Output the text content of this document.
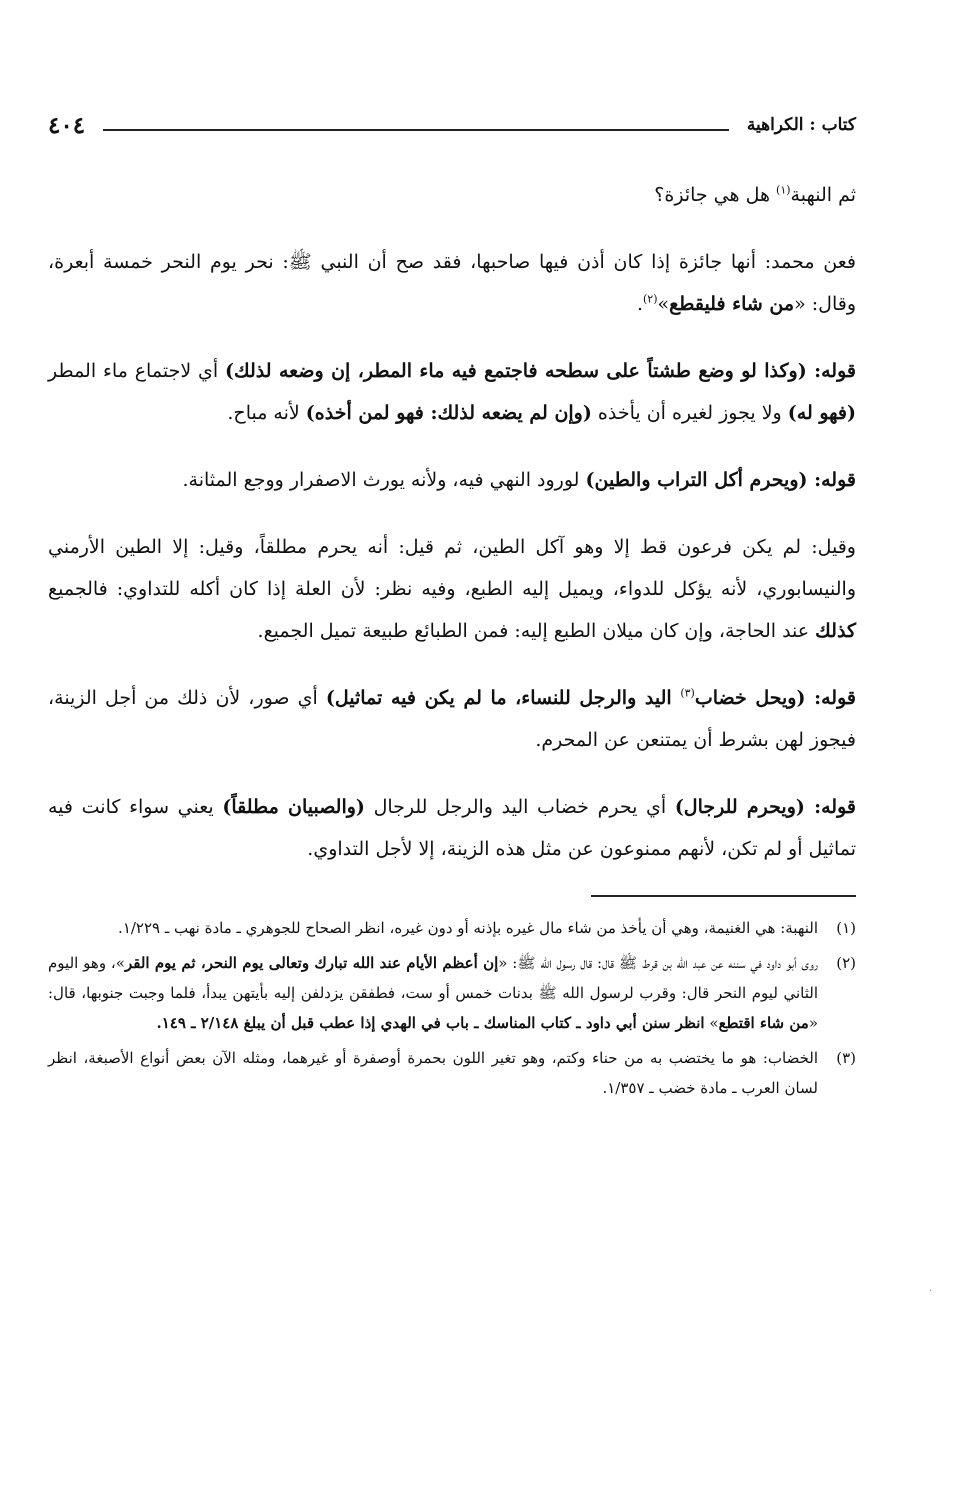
كتاب : الكراهية
٤٠٤

ثم النهبة$^{(١)}$ هل هي جائزة؟

فعن محمد: أنها جائزة إذا كان أذن فيها صاحبها، فقد صح أن النبي ﷺ: نحر يوم النحر خمسة أبعرة، وقال: «من شاء فليقطع»$^{(٢)}$.

قوله: (وكذا لو وضع طشتاً على سطحه فاجتمع فيه ماء المطر، إن وضعه لذلك) أي لاجتماع ماء المطر (فهو له) ولا يجوز لغيره أن يأخذه (وإن لم يضعه لذلك: فهو لمن أخذه) لأنه مباح.

قوله: (ويحرم أكل التراب والطين) لورود النهي فيه، ولأنه يورث الاصفرار ووجع المثانة.

وقيل: لم يكن فرعون قط إلا وهو آكل الطين، ثم قيل: أنه يحرم مطلقاً، وقيل: إلا الطين الأرمني والنيسابوري، لأنه يؤكل للدواء، ويميل إليه الطبع، وفيه نظر: لأن العلة إذا كان أكله للتداوي: فالجميع كذلك عند الحاجة، وإن كان ميلان الطبع إليه: فمن الطبائع طبيعة تميل الجميع.

قوله: (ويحل خضاب$^{(٣)}$ اليد والرجل للنساء، ما لم يكن فيه تماثيل) أي صور، لأن ذلك من أجل الزينة، فيجوز لهن بشرط أن يمتنعن عن المحرم.

قوله: (ويحرم للرجال) أي يحرم خضاب اليد والرجل للرجال (والصبيان مطلقاً) يعني سواء كانت فيه تماثيل أو لم تكن، لأنهم ممنوعون عن مثل هذه الزينة، إلا لأجل التداوي.

(١)
النهبة: هي الغنيمة، وهي أن يأخذ من شاء مال غيره بإذنه أو دون غيره، انظر الصحاح للجوهري ـ مادة نهب ـ ١/٢٢٩.
(٢)
روى أبو داود في سننه عن عبد الله بن قرط ﷺ قال: قال رسول الله ﷺ: «إن أعظم الأيام عند الله تبارك وتعالى يوم النحر، ثم يوم القر»، وهو اليوم الثاني ليوم النحر قال: وقرب لرسول الله ﷺ بدنات خمس أو ست، فطفقن يزدلفن إليه بأيتهن يبدأ، فلما وجبت جنوبها، قال: «من شاء اقتطع» انظر سنن أبي داود ـ كتاب المناسك ـ باب في الهدي إذا عطب قبل أن يبلغ ٢/١٤٨ ـ ١٤٩.
(٣)
الخضاب: هو ما يختضب به من حناء وكتم، وهو تغير اللون بحمرة أوصفرة أو غيرهما، ومثله الآن بعض أنواع الأصبغة، انظر لسان العرب ـ مادة خضب ـ ١/٣٥٧.
·
